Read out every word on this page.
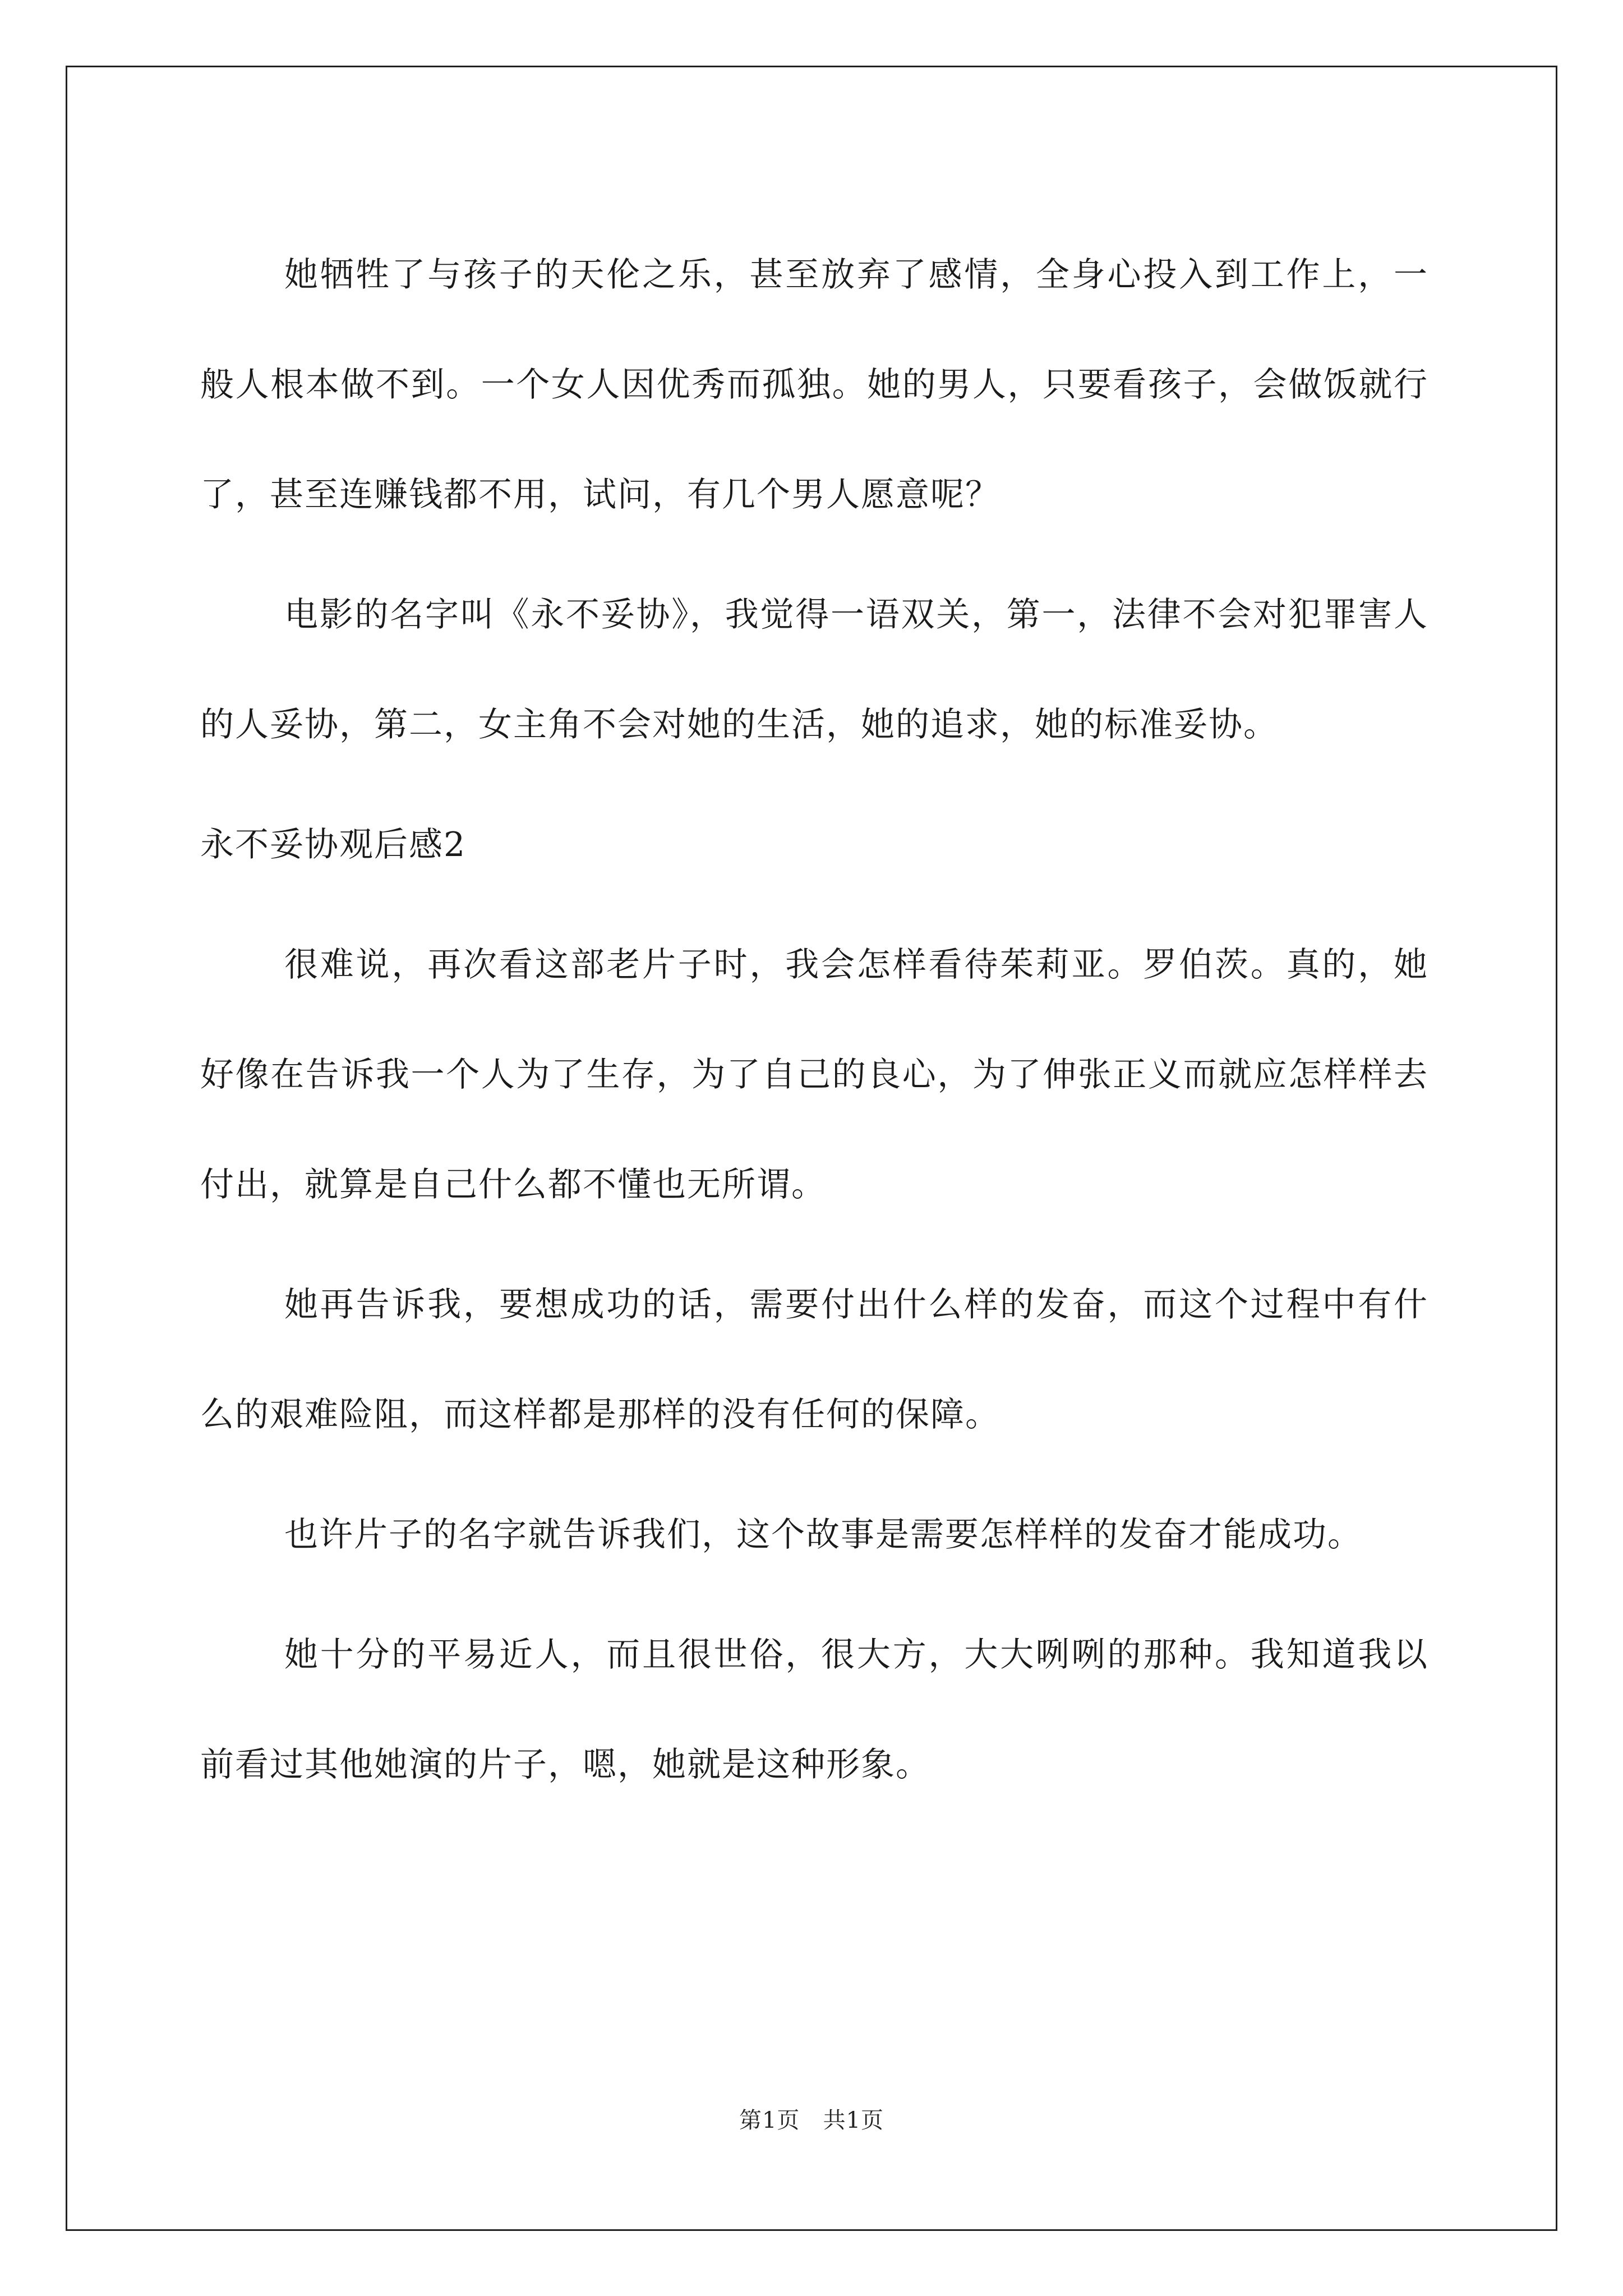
她牺牲了与孩子的天伦之乐，甚至放弃了感情，全身心投入到工作上，一般人根本做不到。一个女人因优秀而孤独。她的男人，只要看孩子，会做饭就行了，甚至连赚钱都不用，试问，有几个男人愿意呢？

电影的名字叫《永不妥协》，我觉得一语双关，第一，法律不会对犯罪害人的人妥协，第二，女主角不会对她的生活，她的追求，她的标准妥协。

永不妥协观后感2

很难说，再次看这部老片子时，我会怎样看待茱莉亚。罗伯茨。真的，她好像在告诉我一个人为了生存，为了自己的良心，为了伸张正义而就应怎样样去付出，就算是自己什么都不懂也无所谓。

她再告诉我，要想成功的话，需要付出什么样的发奋，而这个过程中有什么的艰难险阻，而这样都是那样的没有任何的保障。

也许片子的名字就告诉我们，这个故事是需要怎样样的发奋才能成功。

她十分的平易近人，而且很世俗，很大方，大大咧咧的那种。我知道我以前看过其他她演的片子，嗯，她就是这种形象。

第1页 共1页
